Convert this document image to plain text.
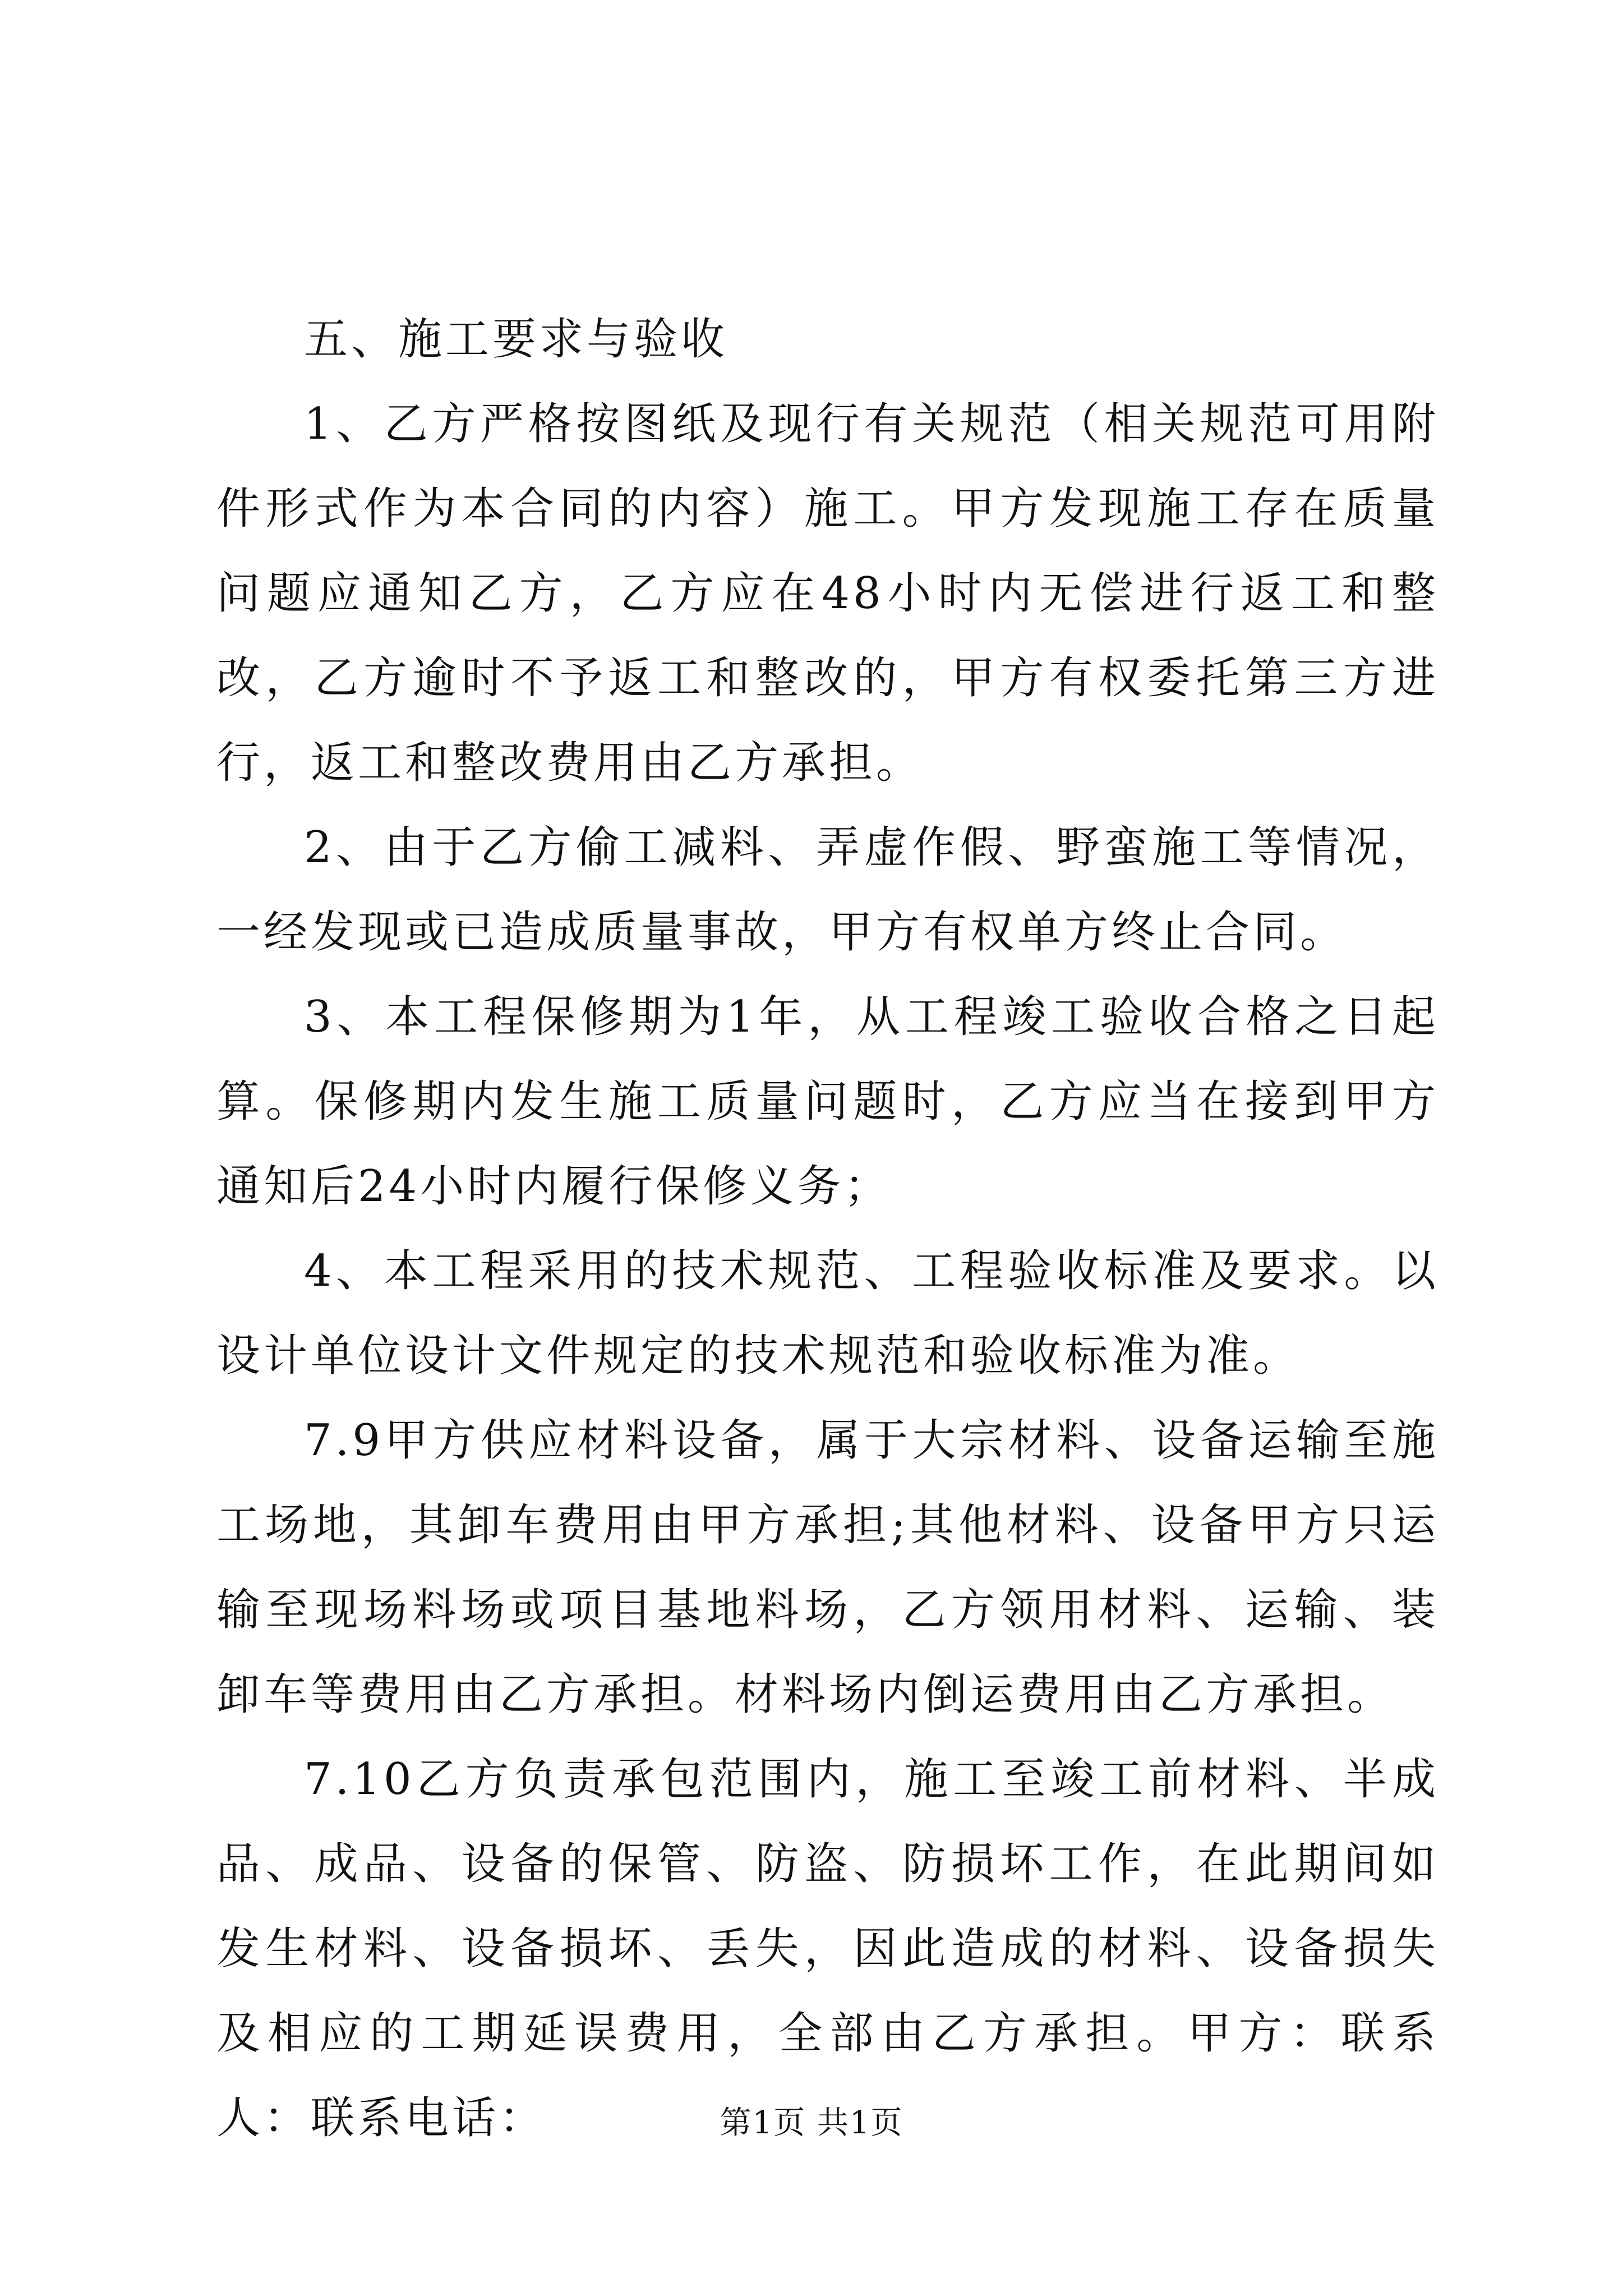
五、施工要求与验收

1、乙方严格按图纸及现行有关规范（相关规范可用附件形式作为本合同的内容）施工。甲方发现施工存在质量问题应通知乙方，乙方应在48小时内无偿进行返工和整改，乙方逾时不予返工和整改的，甲方有权委托第三方进行，返工和整改费用由乙方承担。

2、由于乙方偷工减料、弄虚作假、野蛮施工等情况，一经发现或已造成质量事故，甲方有权单方终止合同。

3、本工程保修期为1年，从工程竣工验收合格之日起算。保修期内发生施工质量问题时，乙方应当在接到甲方通知后24小时内履行保修义务；

4、本工程采用的技术规范、工程验收标准及要求。以设计单位设计文件规定的技术规范和验收标准为准。

7.9甲方供应材料设备，属于大宗材料、设备运输至施工场地，其卸车费用由甲方承担;其他材料、设备甲方只运输至现场料场或项目基地料场，乙方领用材料、运输、装卸车等费用由乙方承担。材料场内倒运费用由乙方承担。

7.10乙方负责承包范围内，施工至竣工前材料、半成品、成品、设备的保管、防盗、防损坏工作，在此期间如发生材料、设备损坏、丢失，因此造成的材料、设备损失及相应的工期延误费用，全部由乙方承担。甲方：联系人：联系电话：	第1页 共1页
